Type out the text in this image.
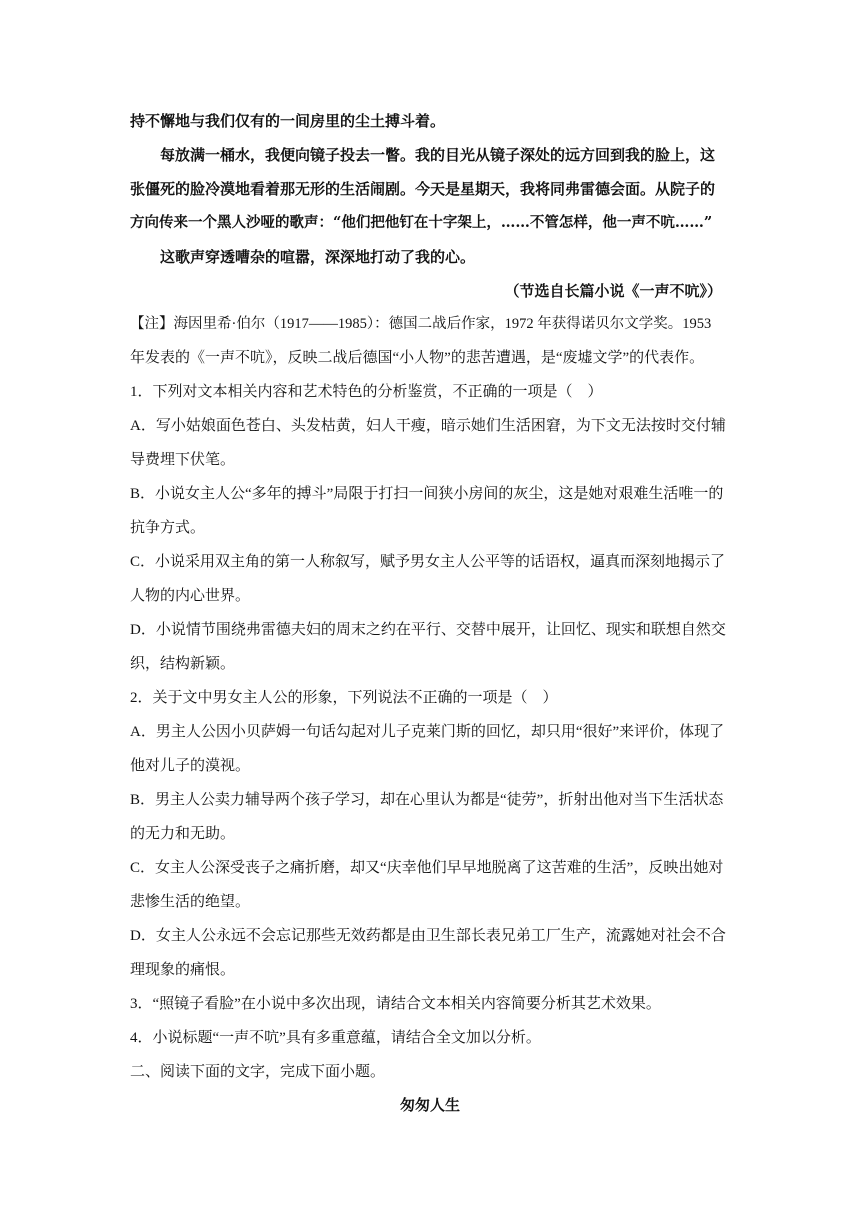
持不懈地与我们仅有的一间房里的尘土搏斗着。
每放满一桶水，我便向镜子投去一瞥。我的目光从镜子深处的远方回到我的脸上，这
张僵死的脸冷漠地看着那无形的生活闹剧。今天是星期天，我将同弗雷德会面。从院子的
方向传来一个黑人沙哑的歌声：“他们把他钉在十字架上，……不管怎样，他一声不吭……”
这歌声穿透嘈杂的喧嚣，深深地打动了我的心。
（节选自长篇小说《一声不吭》）
【注】海因里希·伯尔（1917——1985）：德国二战后作家，1972 年获得诺贝尔文学奖。1953
年发表的《一声不吭》，反映二战后德国“小人物”的悲苦遭遇，是“废墟文学”的代表作。
1．下列对文本相关内容和艺术特色的分析鉴赏，不正确的一项是（　）
A．写小姑娘面色苍白、头发枯黄，妇人干瘦，暗示她们生活困窘，为下文无法按时交付辅
导费埋下伏笔。
B．小说女主人公“多年的搏斗”局限于打扫一间狭小房间的灰尘，这是她对艰难生活唯一的
抗争方式。
C．小说采用双主角的第一人称叙写，赋予男女主人公平等的话语权，逼真而深刻地揭示了
人物的内心世界。
D．小说情节围绕弗雷德夫妇的周末之约在平行、交替中展开，让回忆、现实和联想自然交
织，结构新颖。
2．关于文中男女主人公的形象，下列说法不正确的一项是（　）
A．男主人公因小贝萨姆一句话勾起对儿子克莱门斯的回忆，却只用“很好”来评价，体现了
他对儿子的漠视。
B．男主人公卖力辅导两个孩子学习，却在心里认为都是“徒劳”，折射出他对当下生活状态
的无力和无助。
C．女主人公深受丧子之痛折磨，却又“庆幸他们早早地脱离了这苦难的生活”，反映出她对
悲惨生活的绝望。
D．女主人公永远不会忘记那些无效药都是由卫生部长表兄弟工厂生产，流露她对社会不合
理现象的痛恨。
3．“照镜子看脸”在小说中多次出现，请结合文本相关内容简要分析其艺术效果。
4．小说标题“一声不吭”具有多重意蕴，请结合全文加以分析。
二、阅读下面的文字，完成下面小题。
匆匆人生
